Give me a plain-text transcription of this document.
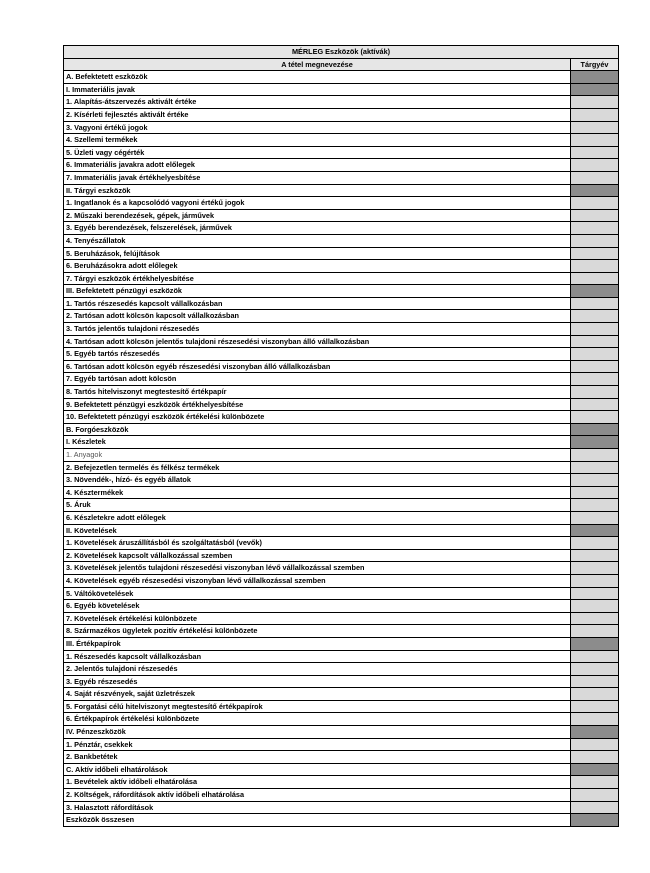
MÉRLEG Eszközök (aktívák)	
A tétel megnevezése	Tárgyév
A. Befektetett eszközök	
I. Immateriális javak	
1. Alapítás-átszervezés aktivált értéke	
2. Kísérleti fejlesztés aktivált értéke	
3. Vagyoni értékű jogok	
4. Szellemi termékek	
5. Üzleti vagy cégérték	
6. Immateriális javakra adott előlegek	
7. Immateriális javak értékhelyesbítése	
II. Tárgyi eszközök	
1. Ingatlanok és a kapcsolódó vagyoni értékű jogok	
2. Műszaki berendezések, gépek, járművek	
3. Egyéb berendezések, felszerelések, járművek	
4. Tenyészállatok	
5. Beruházások, felújítások	
6. Beruházásokra adott előlegek	
7. Tárgyi eszközök értékhelyesbítése	
III. Befektetett pénzügyi eszközök	
1. Tartós részesedés kapcsolt vállalkozásban	
2. Tartósan adott kölcsön kapcsolt vállalkozásban	
3. Tartós jelentős tulajdoni részesedés	
4. Tartósan adott kölcsön jelentős tulajdoni részesedési viszonyban álló vállalkozásban	
5. Egyéb tartós részesedés	
6. Tartósan adott kölcsön egyéb részesedési viszonyban álló vállalkozásban	
7. Egyéb tartósan adott kölcsön	
8. Tartós hitelviszonyt megtestesítő értékpapír	
9. Befektetett pénzügyi eszközök értékhelyesbítése	
10. Befektetett pénzügyi eszközök értékelési különbözete	
B. Forgóeszközök	
I. Készletek	
1. Anyagok	
2. Befejezetlen termelés és félkész termékek	
3. Növendék-, hízó- és egyéb állatok	
4. Késztermékek	
5. Áruk	
6. Készletekre adott előlegek	
II. Követelések	
1. Követelések áruszállításból és szolgáltatásból (vevők)	
2. Követelések kapcsolt vállalkozással szemben	
3. Követelések jelentős tulajdoni részesedési viszonyban lévő vállalkozással szemben	
4. Követelések egyéb részesedési viszonyban lévő vállalkozással szemben	
5. Váltókövetelések	
6. Egyéb követelések	
7. Követelések értékelési különbözete	
8. Származékos ügyletek pozitív értékelési különbözete	
III. Értékpapírok	
1. Részesedés kapcsolt vállalkozásban	
2. Jelentős tulajdoni részesedés	
3. Egyéb részesedés	
4. Saját részvények, saját üzletrészek	
5. Forgatási célú hitelviszonyt megtestesítő értékpapírok	
6. Értékpapírok értékelési különbözete	
IV. Pénzeszközök	
1. Pénztár, csekkek	
2. Bankbetétek	
C. Aktív időbeli elhatárolások	
1. Bevételek aktív időbeli elhatárolása	
2. Költségek, ráfordítások aktív időbeli elhatárolása	
3. Halasztott ráfordítások	
Eszközök összesen	
